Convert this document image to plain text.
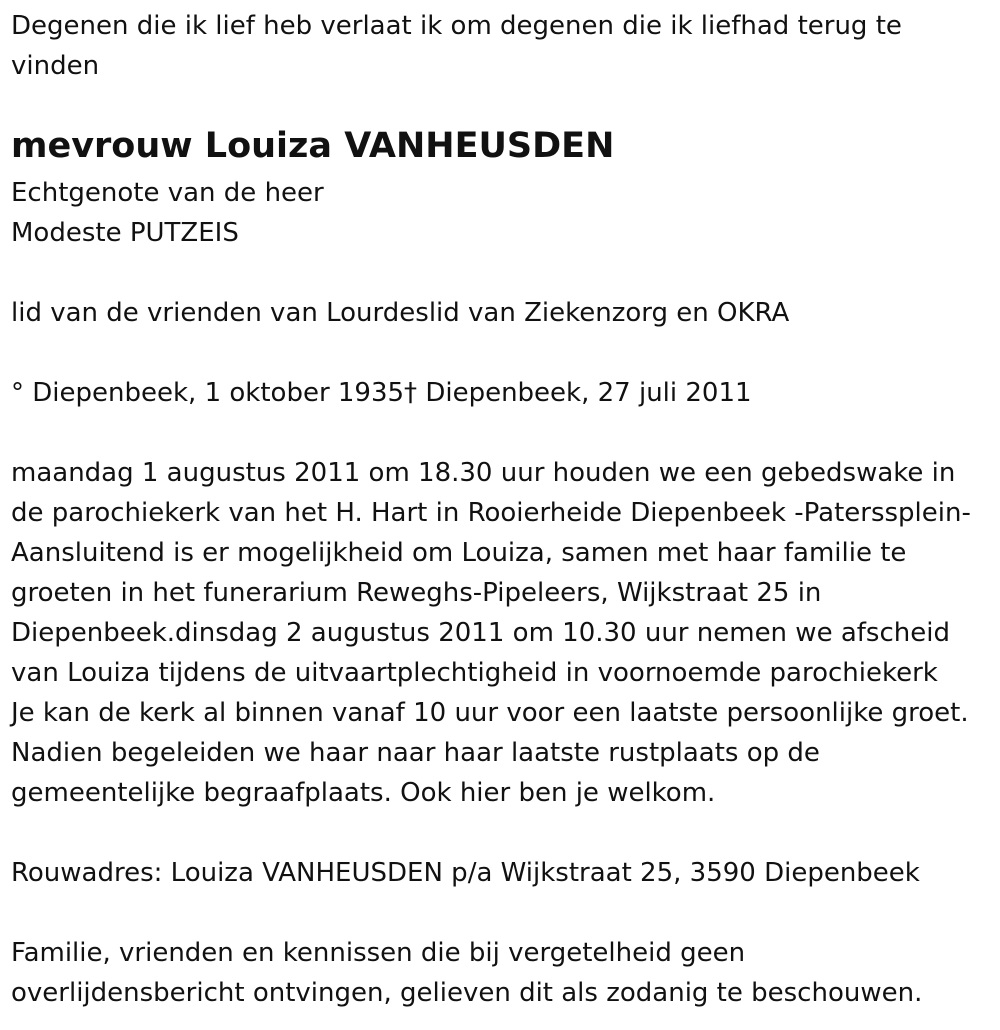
Degenen die ik lief heb verlaat ik om degenen die ik liefhad terug te

vinden

mevrouw Louiza VANHEUSDEN

Echtgenote van de heer

Modeste PUTZEIS

lid van de vrienden van Lourdeslid van Ziekenzorg en OKRA

° Diepenbeek, 1 oktober 1935† Diepenbeek, 27 juli 2011

maandag 1 augustus 2011 om 18.30 uur houden we een gebedswake in

de parochiekerk van het H. Hart in Rooierheide Diepenbeek -Paterssplein-

Aansluitend is er mogelijkheid om Louiza, samen met haar familie te

groeten in het funerarium Reweghs-Pipeleers, Wijkstraat 25 in

Diepenbeek.dinsdag 2 augustus 2011 om 10.30 uur nemen we afscheid

van Louiza tijdens de uitvaartplechtigheid in voornoemde parochiekerk

Je kan de kerk al binnen vanaf 10 uur voor een laatste persoonlijke groet.

Nadien begeleiden we haar naar haar laatste rustplaats op de

gemeentelijke begraafplaats. Ook hier ben je welkom.

Rouwadres: Louiza VANHEUSDEN p/a Wijkstraat 25, 3590 Diepenbeek

Familie, vrienden en kennissen die bij vergetelheid geen

overlijdensbericht ontvingen, gelieven dit als zodanig te beschouwen.
